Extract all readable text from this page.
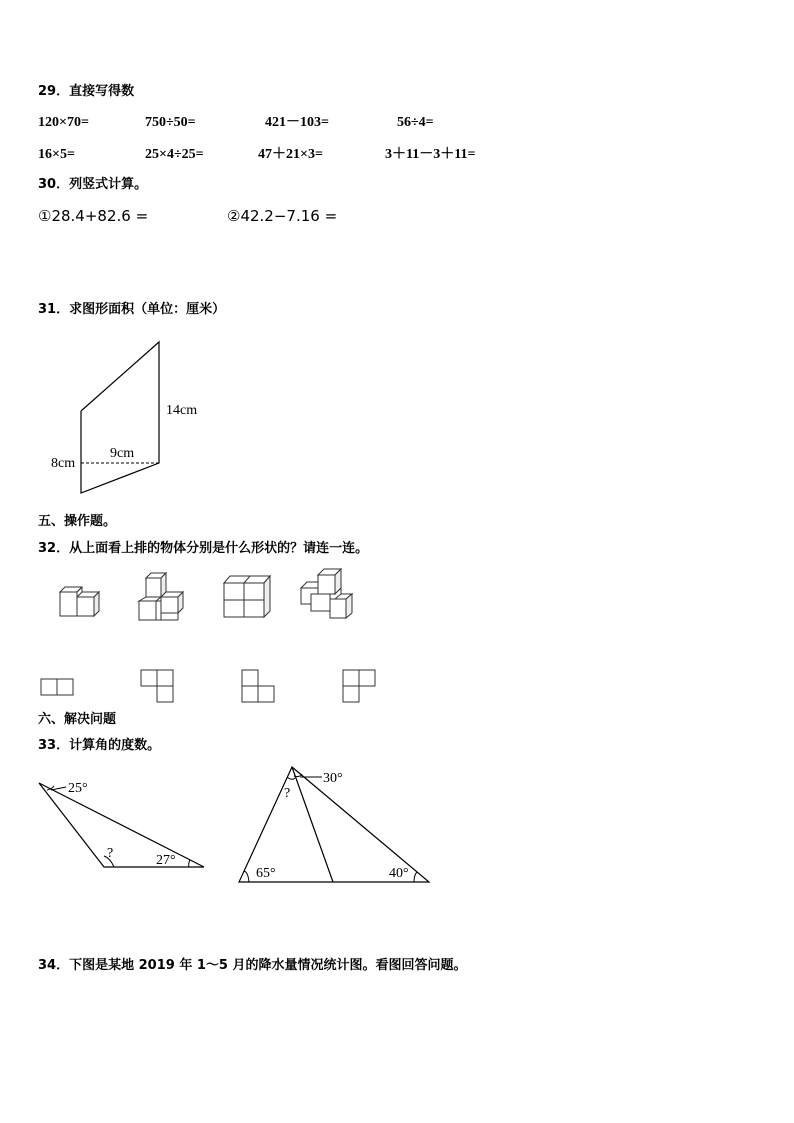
29．直接写得数
120×70=	750÷50=	421－103=	56÷4=
16×5=	25×4÷25=	47＋21×3=	3＋11－3＋11=
30．列竖式计算。
①28.4+82.6 =	②42.2−7.16 =
31．求图形面积（单位：厘米）
14cm
9cm
8cm
五、操作题。
32．从上面看上排的物体分别是什么形状的？请连一连。
六、解决问题
33．计算角的度数。
25°
?	27°
30°
?
65°	40°
34．下图是某地 2019 年 1～5 月的降水量情况统计图。看图回答问题。
